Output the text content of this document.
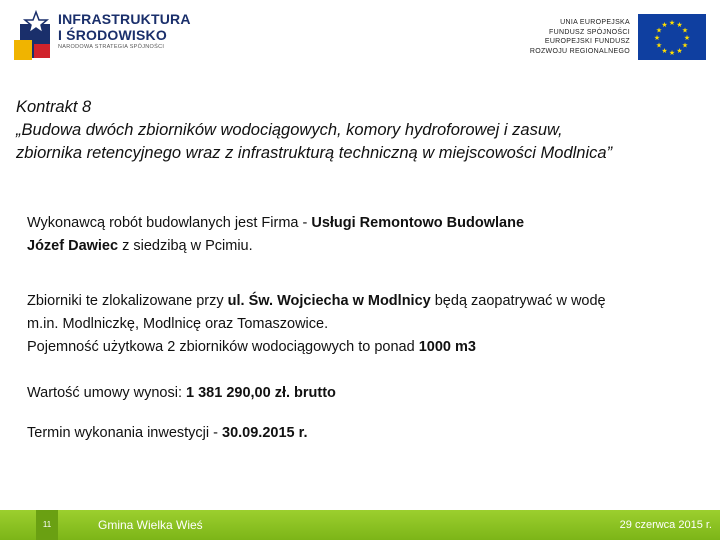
INFRASTRUKTURA
I ŚRODOWISKO
NARODOWA STRATEGIA SPÓJNOŚCI
UNIA EUROPEJSKA
FUNDUSZ SPÓJNOŚCI
EUROPEJSKI FUNDUSZ
ROZWOJU REGIONALNEGO
★ ★
★
★
★
★
★
★
★
★
★
★
Kontrakt 8
„Budowa dwóch zbiorników wodociągowych, komory hydroforowej i zasuw,
zbiornika retencyjnego wraz z infrastrukturą techniczną w miejscowości Modlnica”
Wykonawcą robót budowlanych jest Firma - Usługi Remontowo Budowlane
Józef Dawiec z siedzibą w Pcimiu.
Zbiorniki te zlokalizowane przy ul. Św. Wojciecha w Modlnicy będą zaopatrywać w wodę
m.in. Modlniczkę, Modlnicę oraz Tomaszowice.
Pojemność użytkowa 2 zbiorników wodociągowych to ponad 1000 m3
Wartość umowy wynosi: 1 381 290,00 zł. brutto
Termin wykonania inwestycji - 30.09.2015 r.
11	Gmina Wielka Wieś	29 czerwca 2015 r.
